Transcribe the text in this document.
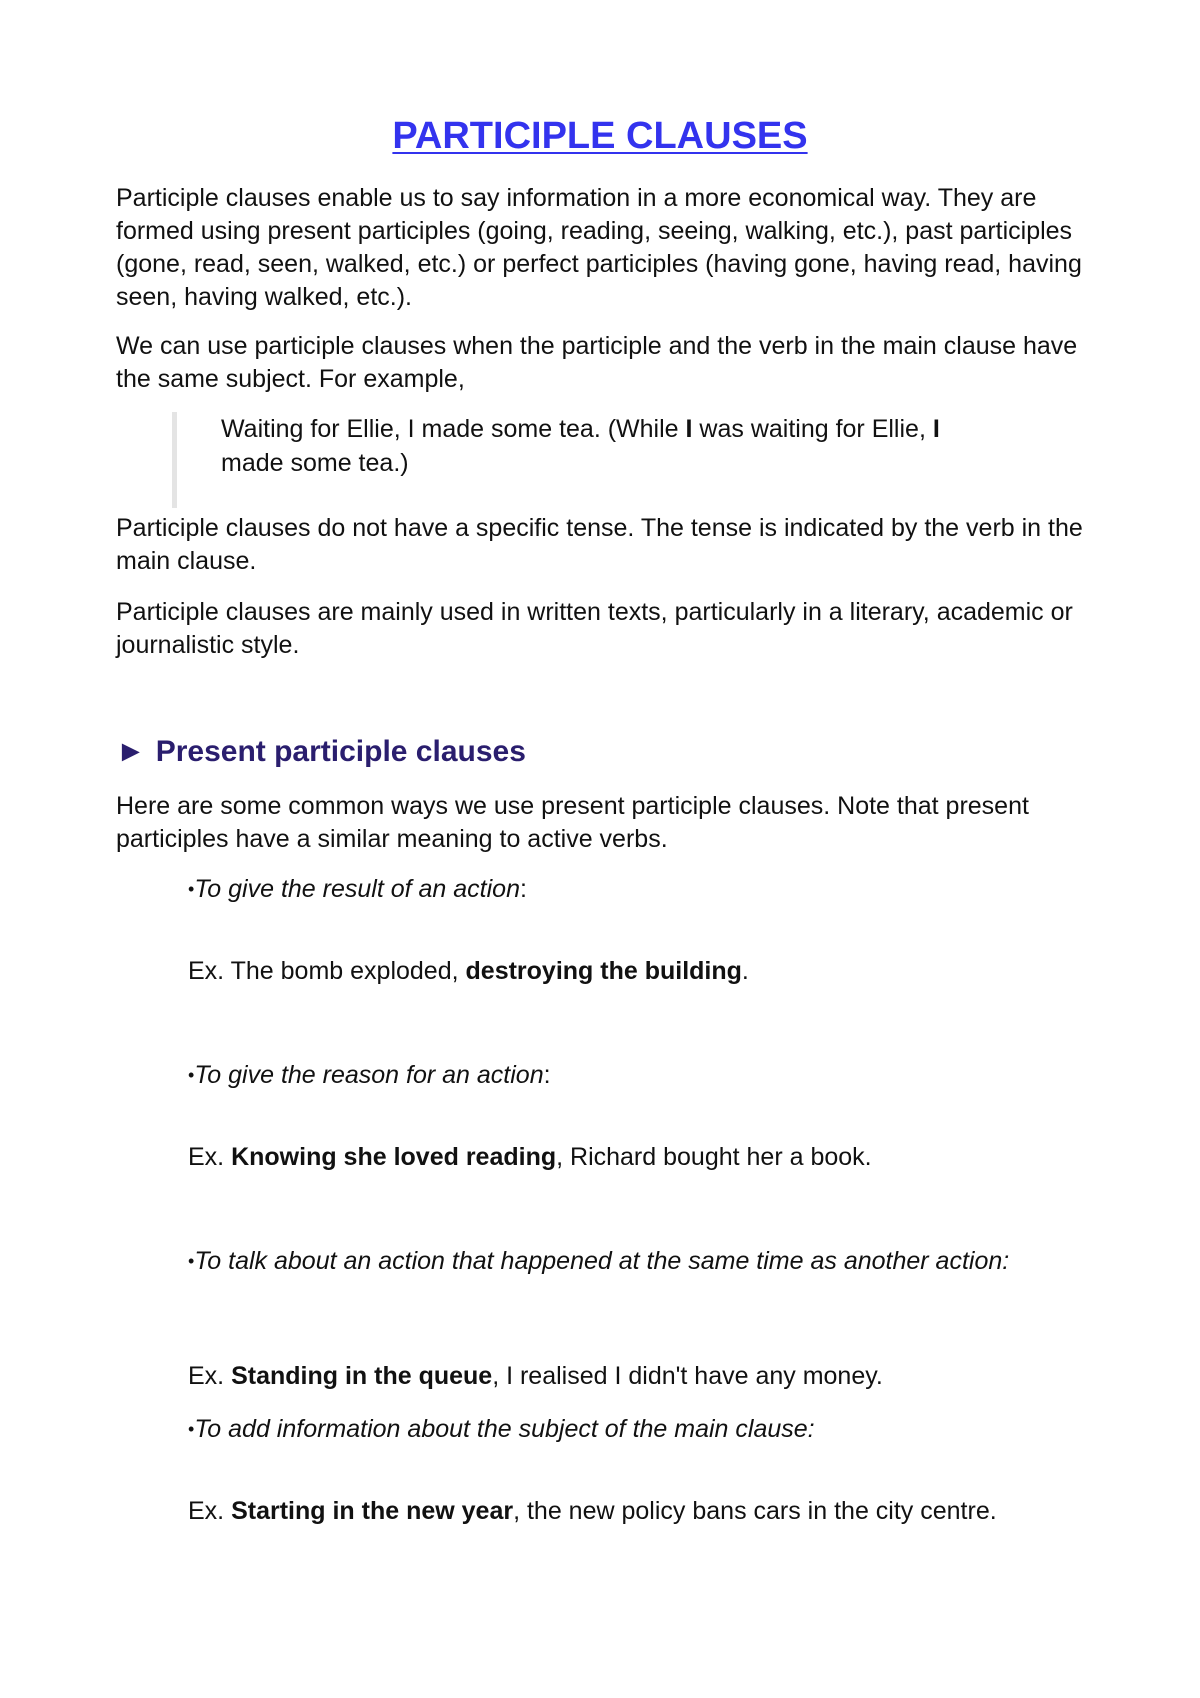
PARTICIPLE CLAUSES

Participle clauses enable us to say information in a more economical way. They are formed using present participles (going, reading, seeing, walking, etc.), past participles (gone, read, seen, walked, etc.) or perfect participles (having gone, having read, having seen, having walked, etc.).

We can use participle clauses when the participle and the verb in the main clause have the same subject. For example,

Waiting for Ellie, I made some tea. (While I was waiting for Ellie, I made some tea.)

Participle clauses do not have a specific tense. The tense is indicated by the verb in the main clause.

Participle clauses are mainly used in written texts, particularly in a literary, academic or journalistic style.

► Present participle clauses

Here are some common ways we use present participle clauses. Note that present participles have a similar meaning to active verbs.

•To give the result of an action:

Ex. The bomb exploded, destroying the building.

•To give the reason for an action:

Ex. Knowing she loved reading, Richard bought her a book.

•To talk about an action that happened at the same time as another action:

Ex. Standing in the queue, I realised I didn't have any money.

•To add information about the subject of the main clause:

Ex. Starting in the new year, the new policy bans cars in the city centre.
